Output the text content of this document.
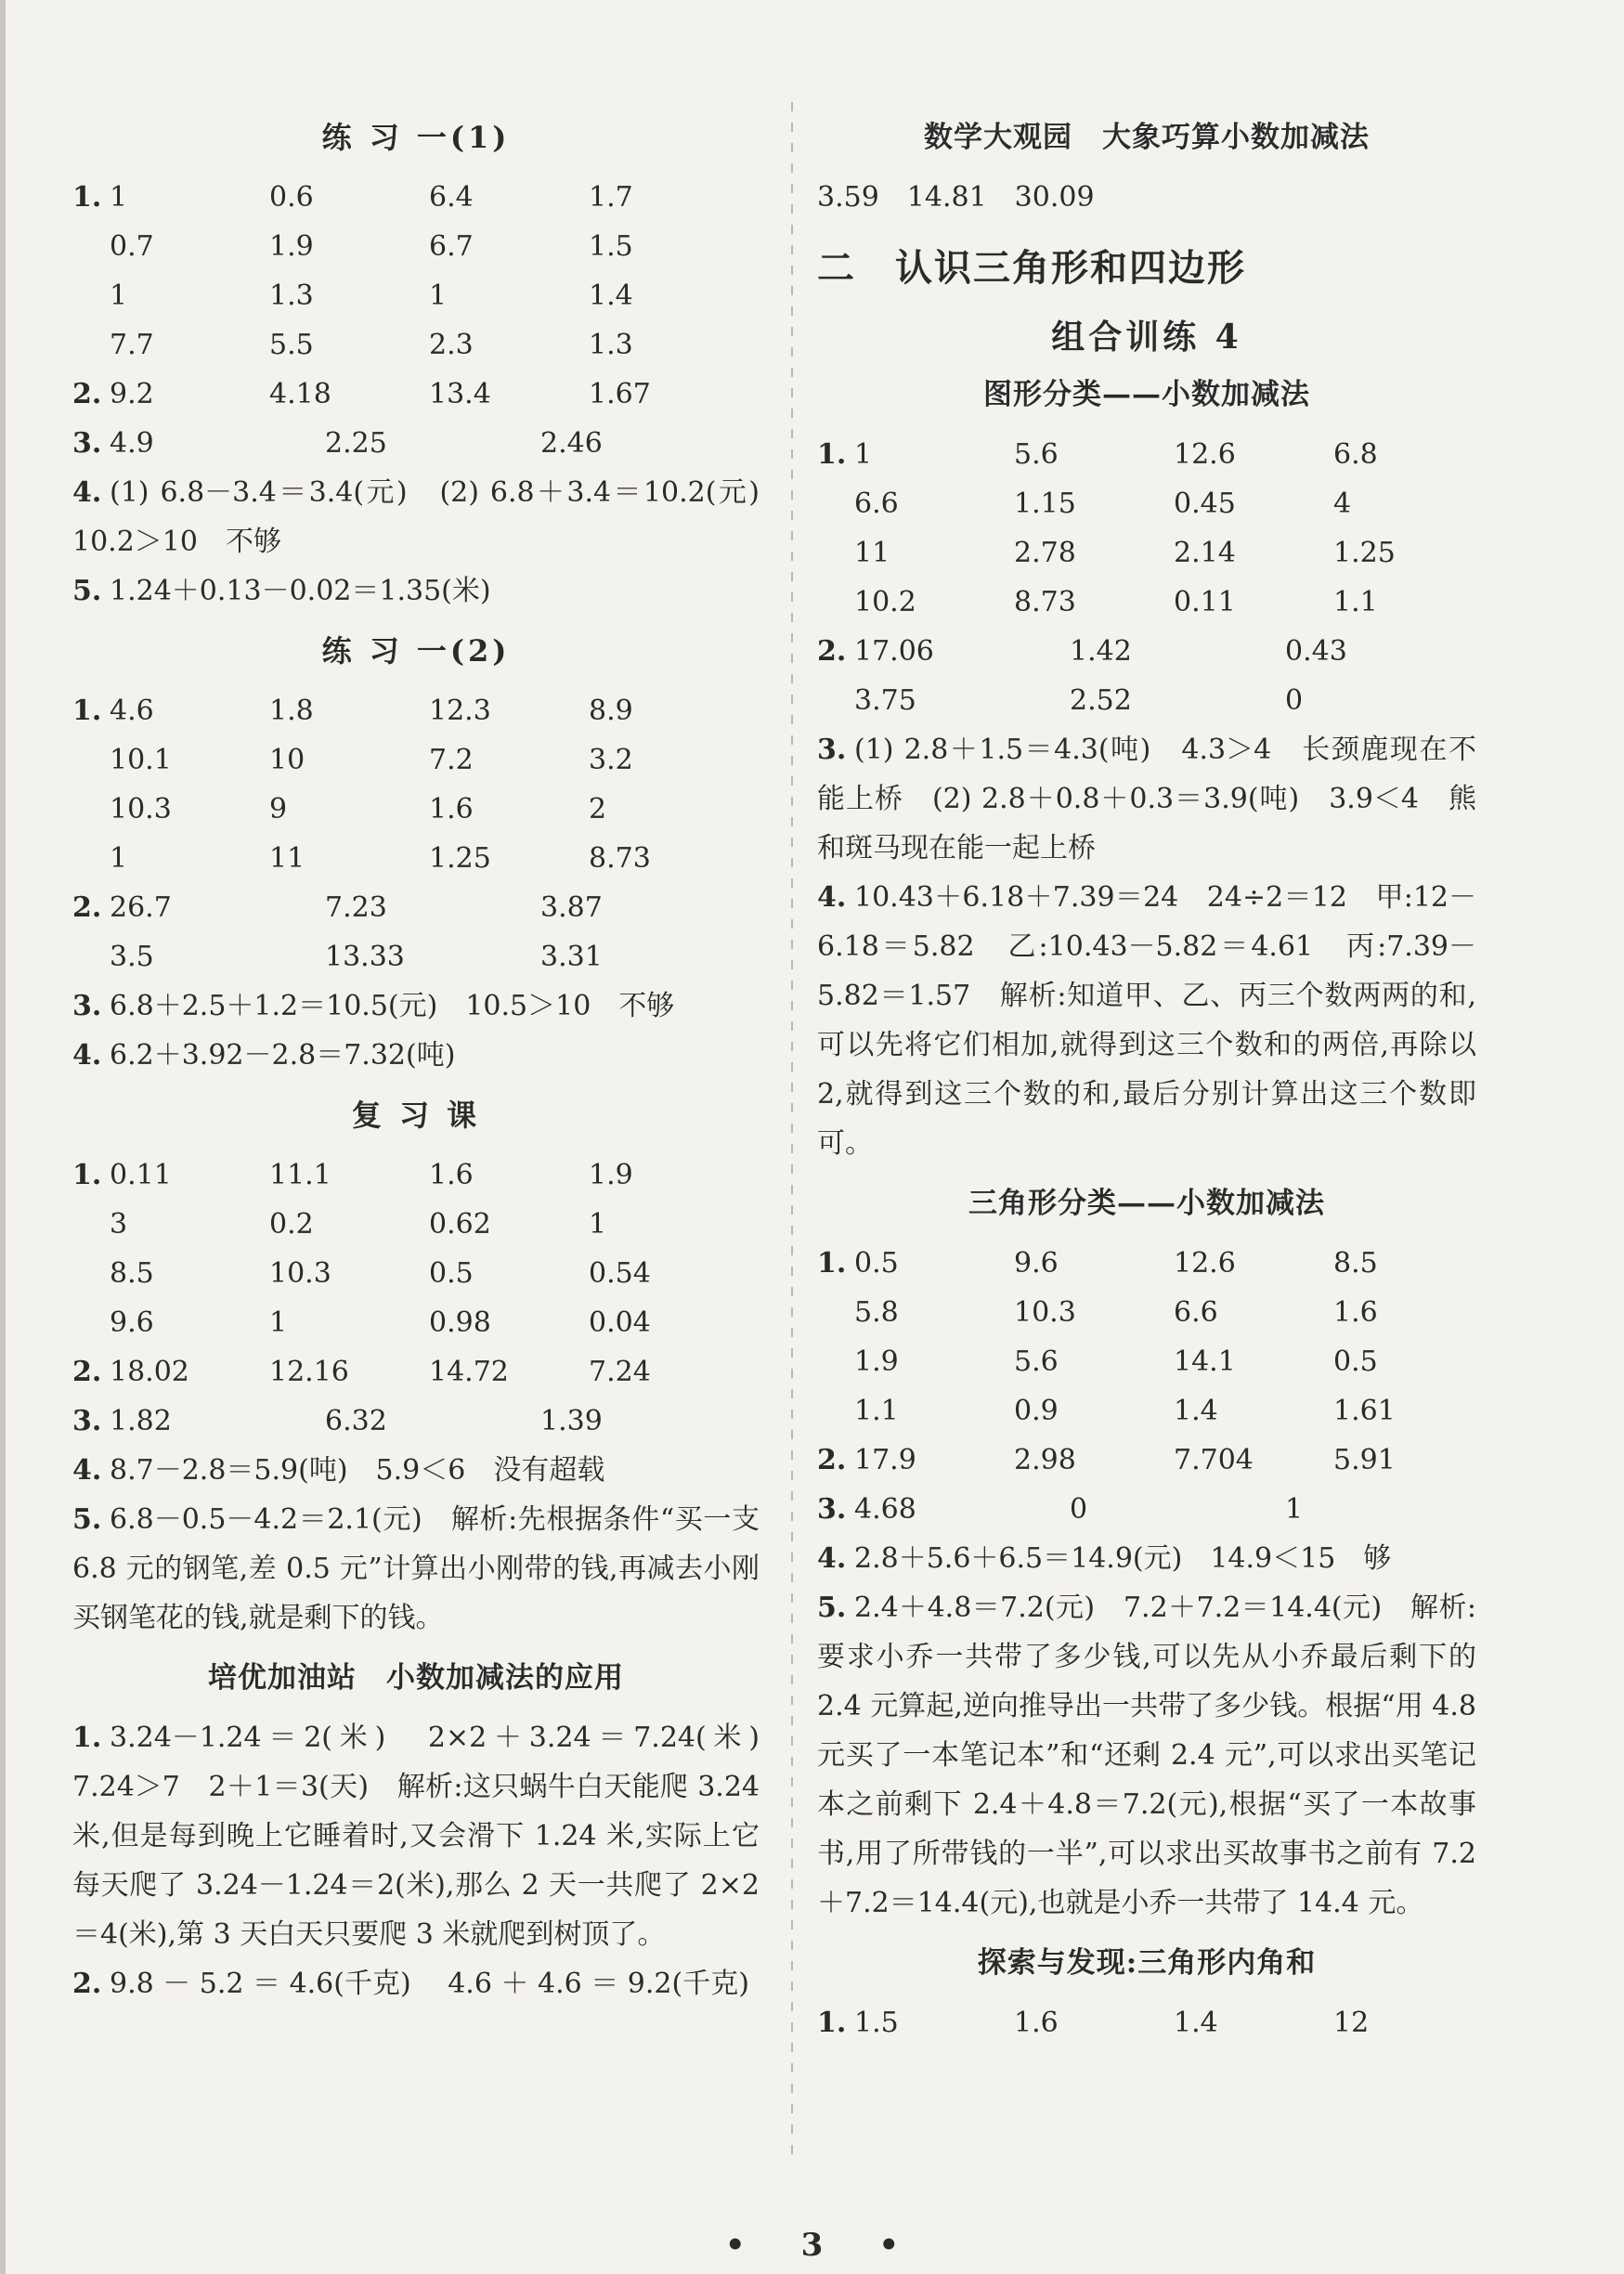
练 习 一(1)
1. 1	0.6	6.4	1.7
0.7	1.9	6.7	1.5
1	1.3	1	1.4
7.7	5.5	2.3	1.3
2. 9.2	4.18	13.4	1.67
3. 4.9	2.25	2.46
4. (1) 6.8－3.4＝3.4(元)　(2) 6.8＋3.4＝10.2(元)　10.2＞10　不够
5. 1.24＋0.13－0.02＝1.35(米)
练 习 一(2)
1. 4.6	1.8	12.3	8.9
10.1	10	7.2	3.2
10.3	9	1.6	2
1	11	1.25	8.73
2. 26.7	7.23	3.87
3.5	13.33	3.31
3. 6.8＋2.5＋1.2＝10.5(元)　10.5＞10　不够
4. 6.2＋3.92－2.8＝7.32(吨)
复 习 课
1. 0.11	11.1	1.6	1.9
3	0.2	0.62	1
8.5	10.3	0.5	0.54
9.6	1	0.98	0.04
2. 18.02	12.16	14.72	7.24
3. 1.82	6.32	1.39
4. 8.7－2.8＝5.9(吨)　5.9＜6　没有超载
5. 6.8－0.5－4.2＝2.1(元)　解析:先根据条件“买一支 6.8 元的钢笔,差 0.5 元”计算出小刚带的钱,再减去小刚买钢笔花的钱,就是剩下的钱。
培优加油站　小数加减法的应用
1. 3.24－1.24＝2(米)　2×2＋3.24＝7.24(米)　7.24＞7　2＋1＝3(天)　解析:这只蜗牛白天能爬 3.24 米,但是每到晚上它睡着时,又会滑下 1.24 米,实际上它每天爬了 3.24－1.24＝2(米),那么 2 天一共爬了 2×2＝4(米),第 3 天白天只要爬 3 米就爬到树顶了。
2. 9.8 － 5.2 ＝ 4.6(千克)　 4.6 ＋ 4.6 ＝ 9.2(千克)
数学大观园　大象巧算小数加减法
3.59　14.81　30.09
二　认识三角形和四边形
组合训练 4
图形分类——小数加减法
1. 1	5.6	12.6	6.8
6.6	1.15	0.45	4
11	2.78	2.14	1.25
10.2	8.73	0.11	1.1
2. 17.06	1.42	0.43
3.75	2.52	0
3. (1) 2.8＋1.5＝4.3(吨)　4.3＞4　长颈鹿现在不能上桥　(2) 2.8＋0.8＋0.3＝3.9(吨)　3.9＜4　熊和斑马现在能一起上桥
4. 10.43＋6.18＋7.39＝24　24÷2＝12　甲:12－6.18＝5.82　乙:10.43－5.82＝4.61　丙:7.39－5.82＝1.57　解析:知道甲、乙、丙三个数两两的和,可以先将它们相加,就得到这三个数和的两倍,再除以 2,就得到这三个数的和,最后分别计算出这三个数即可。
三角形分类——小数加减法
1. 0.5	9.6	12.6	8.5
5.8	10.3	6.6	1.6
1.9	5.6	14.1	0.5
1.1	0.9	1.4	1.61
2. 17.9	2.98	7.704	5.91
3. 4.68	0	1
4. 2.8＋5.6＋6.5＝14.9(元)　14.9＜15　够
5. 2.4＋4.8＝7.2(元)　7.2＋7.2＝14.4(元)　解析:要求小乔一共带了多少钱,可以先从小乔最后剩下的 2.4 元算起,逆向推导出一共带了多少钱。根据“用 4.8 元买了一本笔记本”和“还剩 2.4 元”,可以求出买笔记本之前剩下 2.4＋4.8＝7.2(元),根据“买了一本故事书,用了所带钱的一半”,可以求出买故事书之前有 7.2＋7.2＝14.4(元),也就是小乔一共带了 14.4 元。
探索与发现:三角形内角和
1. 1.5	1.6	1.4	12
• 3 •
